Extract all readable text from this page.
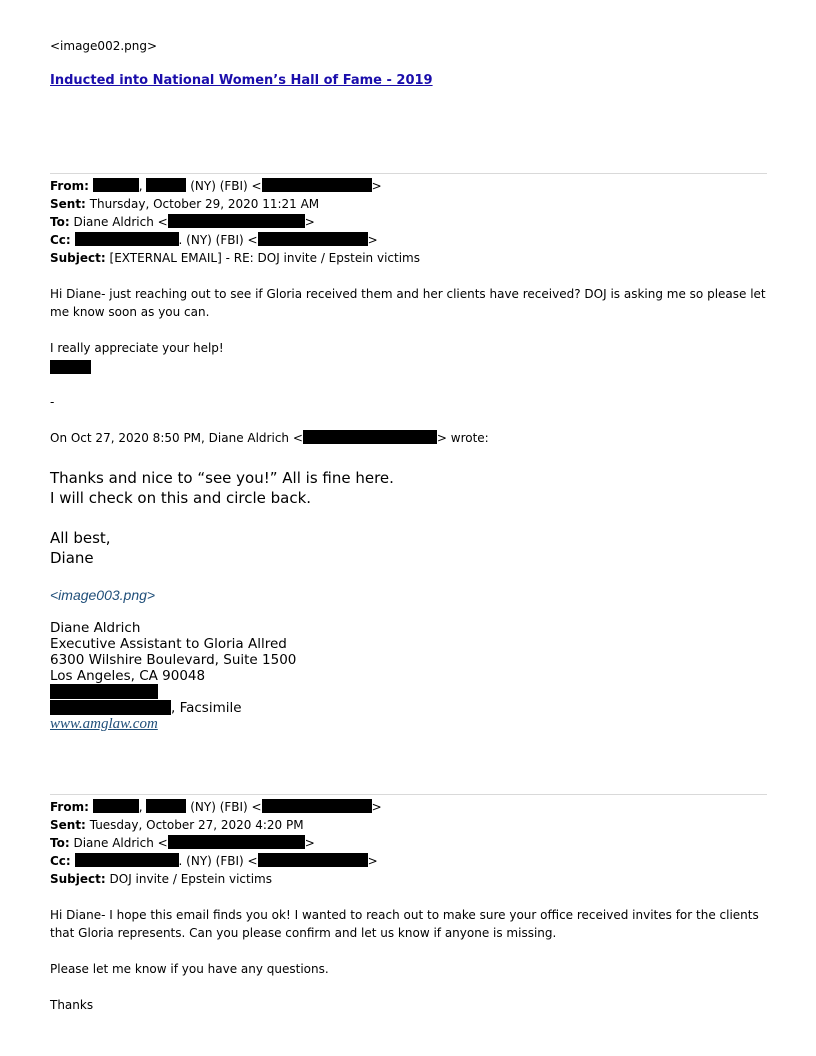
<image002.png>
Inducted into National Women’s Hall of Fame - 2019
From:	,	(NY) (FBI) <	>
Sent: Thursday, October 29, 2020 11:21 AM
To: Diane Aldrich <	>
Cc:	. (NY) (FBI) <	>
Subject: [EXTERNAL EMAIL] - RE: DOJ invite / Epstein victims
Hi Diane- just reaching out to see if Gloria received them and her clients have received? DOJ is asking me so please let
me know soon as you can.
I really appreciate your help!
-
On Oct 27, 2020 8:50 PM, Diane Aldrich <	> wrote:
Thanks and nice to “see you!” All is fine here.
I will check on this and circle back.
All best,
Diane
<image003.png>
Diane Aldrich
Executive Assistant to Gloria Allred
6300 Wilshire Boulevard, Suite 1500
Los Angeles, CA 90048
, Facsimile
www.amglaw.com
From:	,	(NY) (FBI) <	>
Sent: Tuesday, October 27, 2020 4:20 PM
To: Diane Aldrich <	>
Cc:	. (NY) (FBI) <	>
Subject: DOJ invite / Epstein victims
Hi Diane- I hope this email finds you ok! I wanted to reach out to make sure your office received invites for the clients
that Gloria represents. Can you please confirm and let us know if anyone is missing.
Please let me know if you have any questions.
Thanks
